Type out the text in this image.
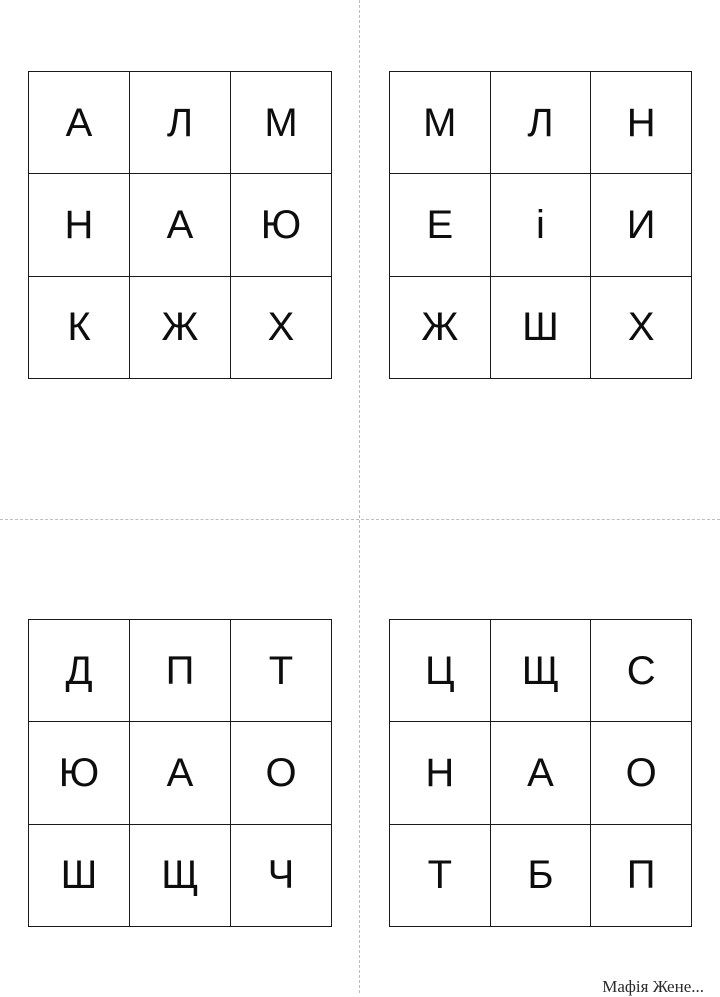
А	Л	М
Н	А	Ю
К	Ж	Х
М	Л	Н
Е	і	И
Ж	Ш	Х
Д	П	Т
Ю	А	О
Ш	Щ	Ч
Ц	Щ	С
Н	А	О
Т	Б	П
Мафія Жене...
